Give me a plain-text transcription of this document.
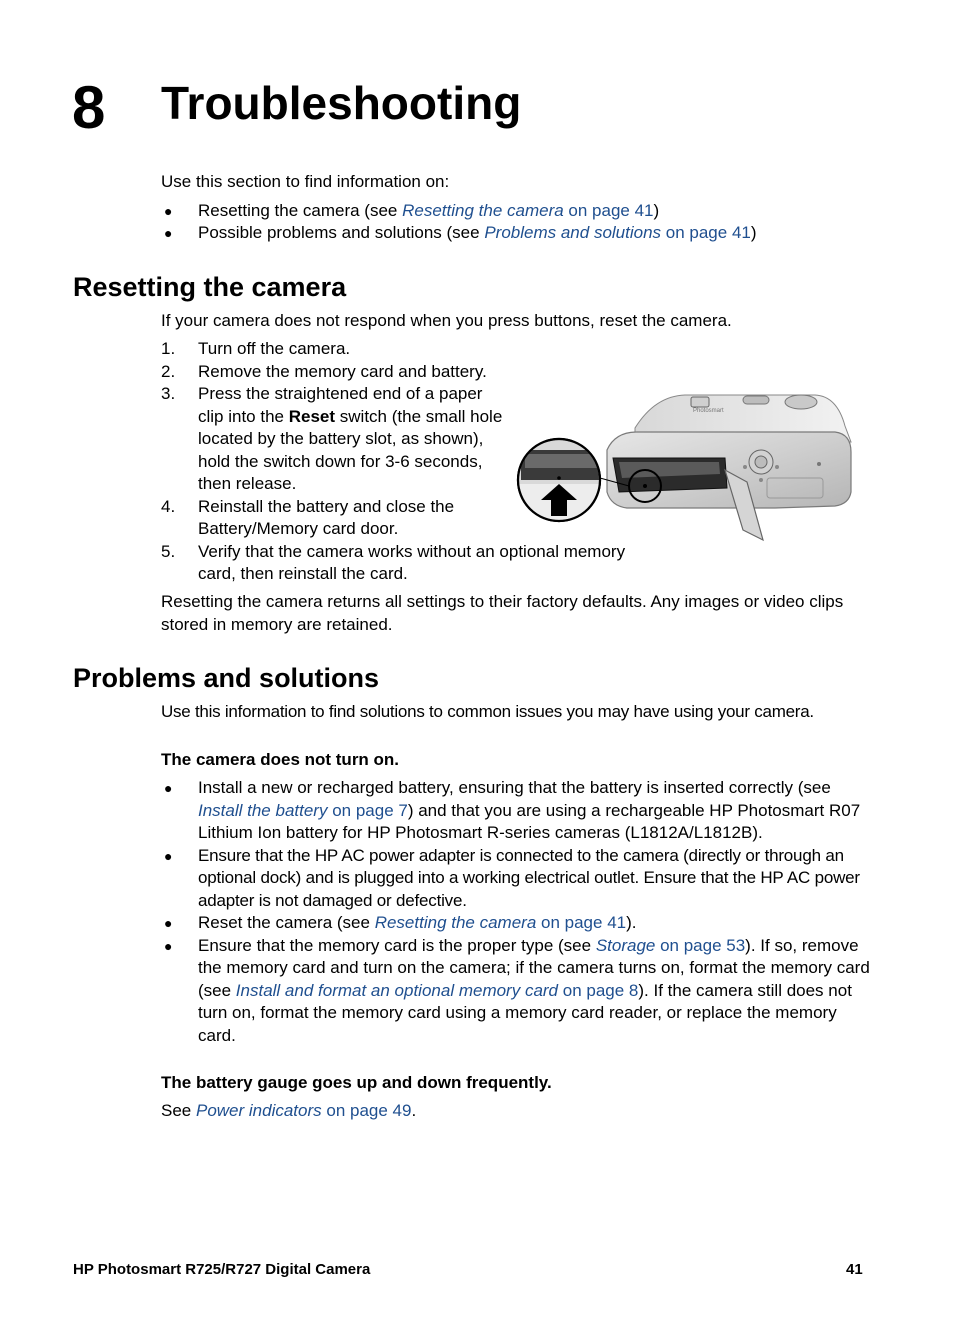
8 Troubleshooting
Use this section to find information on:
● Resetting the camera (see Resetting the camera on page 41)
● Possible problems and solutions (see Problems and solutions on page 41)
Resetting the camera
If your camera does not respond when you press buttons, reset the camera.
1. Turn off the camera.
2. Remove the memory card and battery.
3. Press the straightened end of a paper clip into the Reset switch (the small hole located by the battery slot, as shown), hold the switch down for 3-6 seconds, then release.
4. Reinstall the battery and close the Battery/Memory card door.
5. Verify that the camera works without an optional memory card, then reinstall the card.
Photosmart
Resetting the camera returns all settings to their factory defaults. Any images or video clips stored in memory are retained.
Problems and solutions
Use this information to find solutions to common issues you may have using your camera.
The camera does not turn on.
● Install a new or recharged battery, ensuring that the battery is inserted correctly (see Install the battery on page 7) and that you are using a rechargeable HP Photosmart R07 Lithium Ion battery for HP Photosmart R-series cameras (L1812A/L1812B).
● Ensure that the HP AC power adapter is connected to the camera (directly or through an optional dock) and is plugged into a working electrical outlet. Ensure that the HP AC power adapter is not damaged or defective.
● Reset the camera (see Resetting the camera on page 41).
● Ensure that the memory card is the proper type (see Storage on page 53). If so, remove the memory card and turn on the camera; if the camera turns on, format the memory card (see Install and format an optional memory card on page 8). If the camera still does not turn on, format the memory card using a memory card reader, or replace the memory card.
The battery gauge goes up and down frequently.
See Power indicators on page 49.
HP Photosmart R725/R727 Digital Camera	41
